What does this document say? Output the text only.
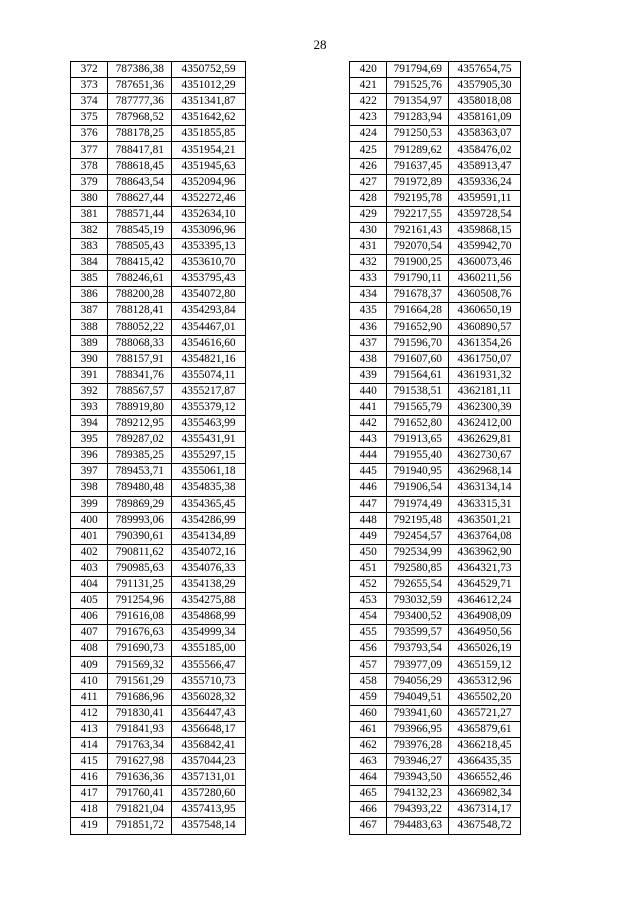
28
372	787386,38	4350752,59
373	787651,36	4351012,29
374	787777,36	4351341,87
375	787968,52	4351642,62
376	788178,25	4351855,85
377	788417,81	4351954,21
378	788618,45	4351945,63
379	788643,54	4352094,96
380	788627,44	4352272,46
381	788571,44	4352634,10
382	788545,19	4353096,96
383	788505,43	4353395,13
384	788415,42	4353610,70
385	788246,61	4353795,43
386	788200,28	4354072,80
387	788128,41	4354293,84
388	788052,22	4354467,01
389	788068,33	4354616,60
390	788157,91	4354821,16
391	788341,76	4355074,11
392	788567,57	4355217,87
393	788919,80	4355379,12
394	789212,95	4355463,99
395	789287,02	4355431,91
396	789385,25	4355297,15
397	789453,71	4355061,18
398	789480,48	4354835,38
399	789869,29	4354365,45
400	789993,06	4354286,99
401	790390,61	4354134,89
402	790811,62	4354072,16
403	790985,63	4354076,33
404	791131,25	4354138,29
405	791254,96	4354275,88
406	791616,08	4354868,99
407	791676,63	4354999,34
408	791690,73	4355185,00
409	791569,32	4355566,47
410	791561,29	4355710,73
411	791686,96	4356028,32
412	791830,41	4356447,43
413	791841,93	4356648,17
414	791763,34	4356842,41
415	791627,98	4357044,23
416	791636,36	4357131,01
417	791760,41	4357280,60
418	791821,04	4357413,95
419	791851,72	4357548,14
420	791794,69	4357654,75
421	791525,76	4357905,30
422	791354,97	4358018,08
423	791283,94	4358161,09
424	791250,53	4358363,07
425	791289,62	4358476,02
426	791637,45	4358913,47
427	791972,89	4359336,24
428	792195,78	4359591,11
429	792217,55	4359728,54
430	792161,43	4359868,15
431	792070,54	4359942,70
432	791900,25	4360073,46
433	791790,11	4360211,56
434	791678,37	4360508,76
435	791664,28	4360650,19
436	791652,90	4360890,57
437	791596,70	4361354,26
438	791607,60	4361750,07
439	791564,61	4361931,32
440	791538,51	4362181,11
441	791565,79	4362300,39
442	791652,80	4362412,00
443	791913,65	4362629,81
444	791955,40	4362730,67
445	791940,95	4362968,14
446	791906,54	4363134,14
447	791974,49	4363315,31
448	792195,48	4363501,21
449	792454,57	4363764,08
450	792534,99	4363962,90
451	792580,85	4364321,73
452	792655,54	4364529,71
453	793032,59	4364612,24
454	793400,52	4364908,09
455	793599,57	4364950,56
456	793793,54	4365026,19
457	793977,09	4365159,12
458	794056,29	4365312,96
459	794049,51	4365502,20
460	793941,60	4365721,27
461	793966,95	4365879,61
462	793976,28	4366218,45
463	793946,27	4366435,35
464	793943,50	4366552,46
465	794132,23	4366982,34
466	794393,22	4367314,17
467	794483,63	4367548,72
